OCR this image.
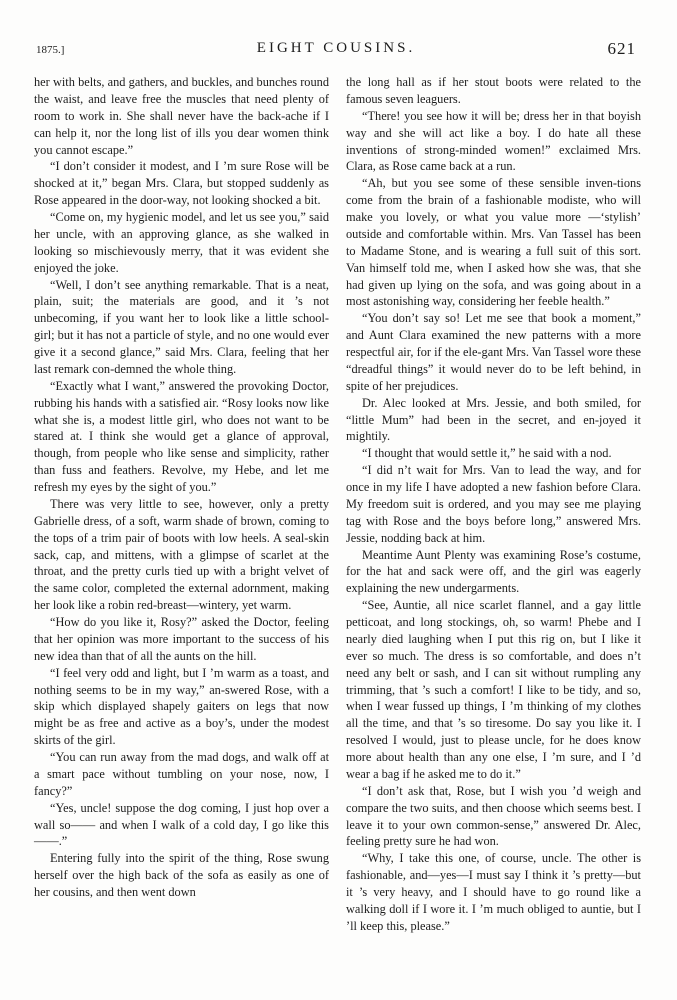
1875.]	EIGHT COUSINS.	621

her with belts, and gathers, and buckles, and bunches round the waist, and leave free the muscles that need plenty of room to work in. She shall never have the back-ache if I can help it, nor the long list of ills you dear women think you cannot escape.”

“I don’t consider it modest, and I ’m sure Rose will be shocked at it,” began Mrs. Clara, but stopped suddenly as Rose appeared in the door-way, not looking shocked a bit.

“Come on, my hygienic model, and let us see you,” said her uncle, with an approving glance, as she walked in looking so mischievously merry, that it was evident she enjoyed the joke.

“Well, I don’t see anything remarkable. That is a neat, plain, suit; the materials are good, and it ’s not unbecoming, if you want her to look like a little school-girl; but it has not a particle of style, and no one would ever give it a second glance,” said Mrs. Clara, feeling that her last remark con-demned the whole thing.

“Exactly what I want,” answered the provoking Doctor, rubbing his hands with a satisfied air. “Rosy looks now like what she is, a modest little girl, who does not want to be stared at. I think she would get a glance of approval, though, from people who like sense and simplicity, rather than fuss and feathers. Revolve, my Hebe, and let me refresh my eyes by the sight of you.”

There was very little to see, however, only a pretty Gabrielle dress, of a soft, warm shade of brown, coming to the tops of a trim pair of boots with low heels. A seal-skin sack, cap, and mittens, with a glimpse of scarlet at the throat, and the pretty curls tied up with a bright velvet of the same color, completed the external adornment, making her look like a robin red-breast—wintery, yet warm.

“How do you like it, Rosy?” asked the Doctor, feeling that her opinion was more important to the success of his new idea than that of all the aunts on the hill.

“I feel very odd and light, but I ’m warm as a toast, and nothing seems to be in my way,” an-swered Rose, with a skip which displayed shapely gaiters on legs that now might be as free and active as a boy’s, under the modest skirts of the girl.

“You can run away from the mad dogs, and walk off at a smart pace without tumbling on your nose, now, I fancy?”

“Yes, uncle! suppose the dog coming, I just hop over a wall so—— and when I walk of a cold day, I go like this——.”

Entering fully into the spirit of the thing, Rose swung herself over the high back of the sofa as easily as one of her cousins, and then went down

the long hall as if her stout boots were related to the famous seven leaguers.

“There! you see how it will be; dress her in that boyish way and she will act like a boy. I do hate all these inventions of strong-minded women!” exclaimed Mrs. Clara, as Rose came back at a run.

“Ah, but you see some of these sensible inven-tions come from the brain of a fashionable modiste, who will make you lovely, or what you value more —‘stylish’ outside and comfortable within. Mrs. Van Tassel has been to Madame Stone, and is wearing a full suit of this sort. Van himself told me, when I asked how she was, that she had given up lying on the sofa, and was going about in a most astonishing way, considering her feeble health.”

“You don’t say so! Let me see that book a moment,” and Aunt Clara examined the new patterns with a more respectful air, for if the ele-gant Mrs. Van Tassel wore these “dreadful things” it would never do to be left behind, in spite of her prejudices.

Dr. Alec looked at Mrs. Jessie, and both smiled, for “little Mum” had been in the secret, and en-joyed it mightily.

“I thought that would settle it,” he said with a nod.

“I did n’t wait for Mrs. Van to lead the way, and for once in my life I have adopted a new fashion before Clara. My freedom suit is ordered, and you may see me playing tag with Rose and the boys before long,” answered Mrs. Jessie, nodding back at him.

Meantime Aunt Plenty was examining Rose’s costume, for the hat and sack were off, and the girl was eagerly explaining the new undergarments.

“See, Auntie, all nice scarlet flannel, and a gay little petticoat, and long stockings, oh, so warm! Phebe and I nearly died laughing when I put this rig on, but I like it ever so much. The dress is so comfortable, and does n’t need any belt or sash, and I can sit without rumpling any trimming, that ’s such a comfort! I like to be tidy, and so, when I wear fussed up things, I ’m thinking of my clothes all the time, and that ’s so tiresome. Do say you like it. I resolved I would, just to please uncle, for he does know more about health than any one else, I ’m sure, and I ’d wear a bag if he asked me to do it.”

“I don’t ask that, Rose, but I wish you ’d weigh and compare the two suits, and then choose which seems best. I leave it to your own common-sense,” answered Dr. Alec, feeling pretty sure he had won.

“Why, I take this one, of course, uncle. The other is fashionable, and—yes—I must say I think it ’s pretty—but it ’s very heavy, and I should have to go round like a walking doll if I wore it. I ’m much obliged to auntie, but I ’ll keep this, please.”
